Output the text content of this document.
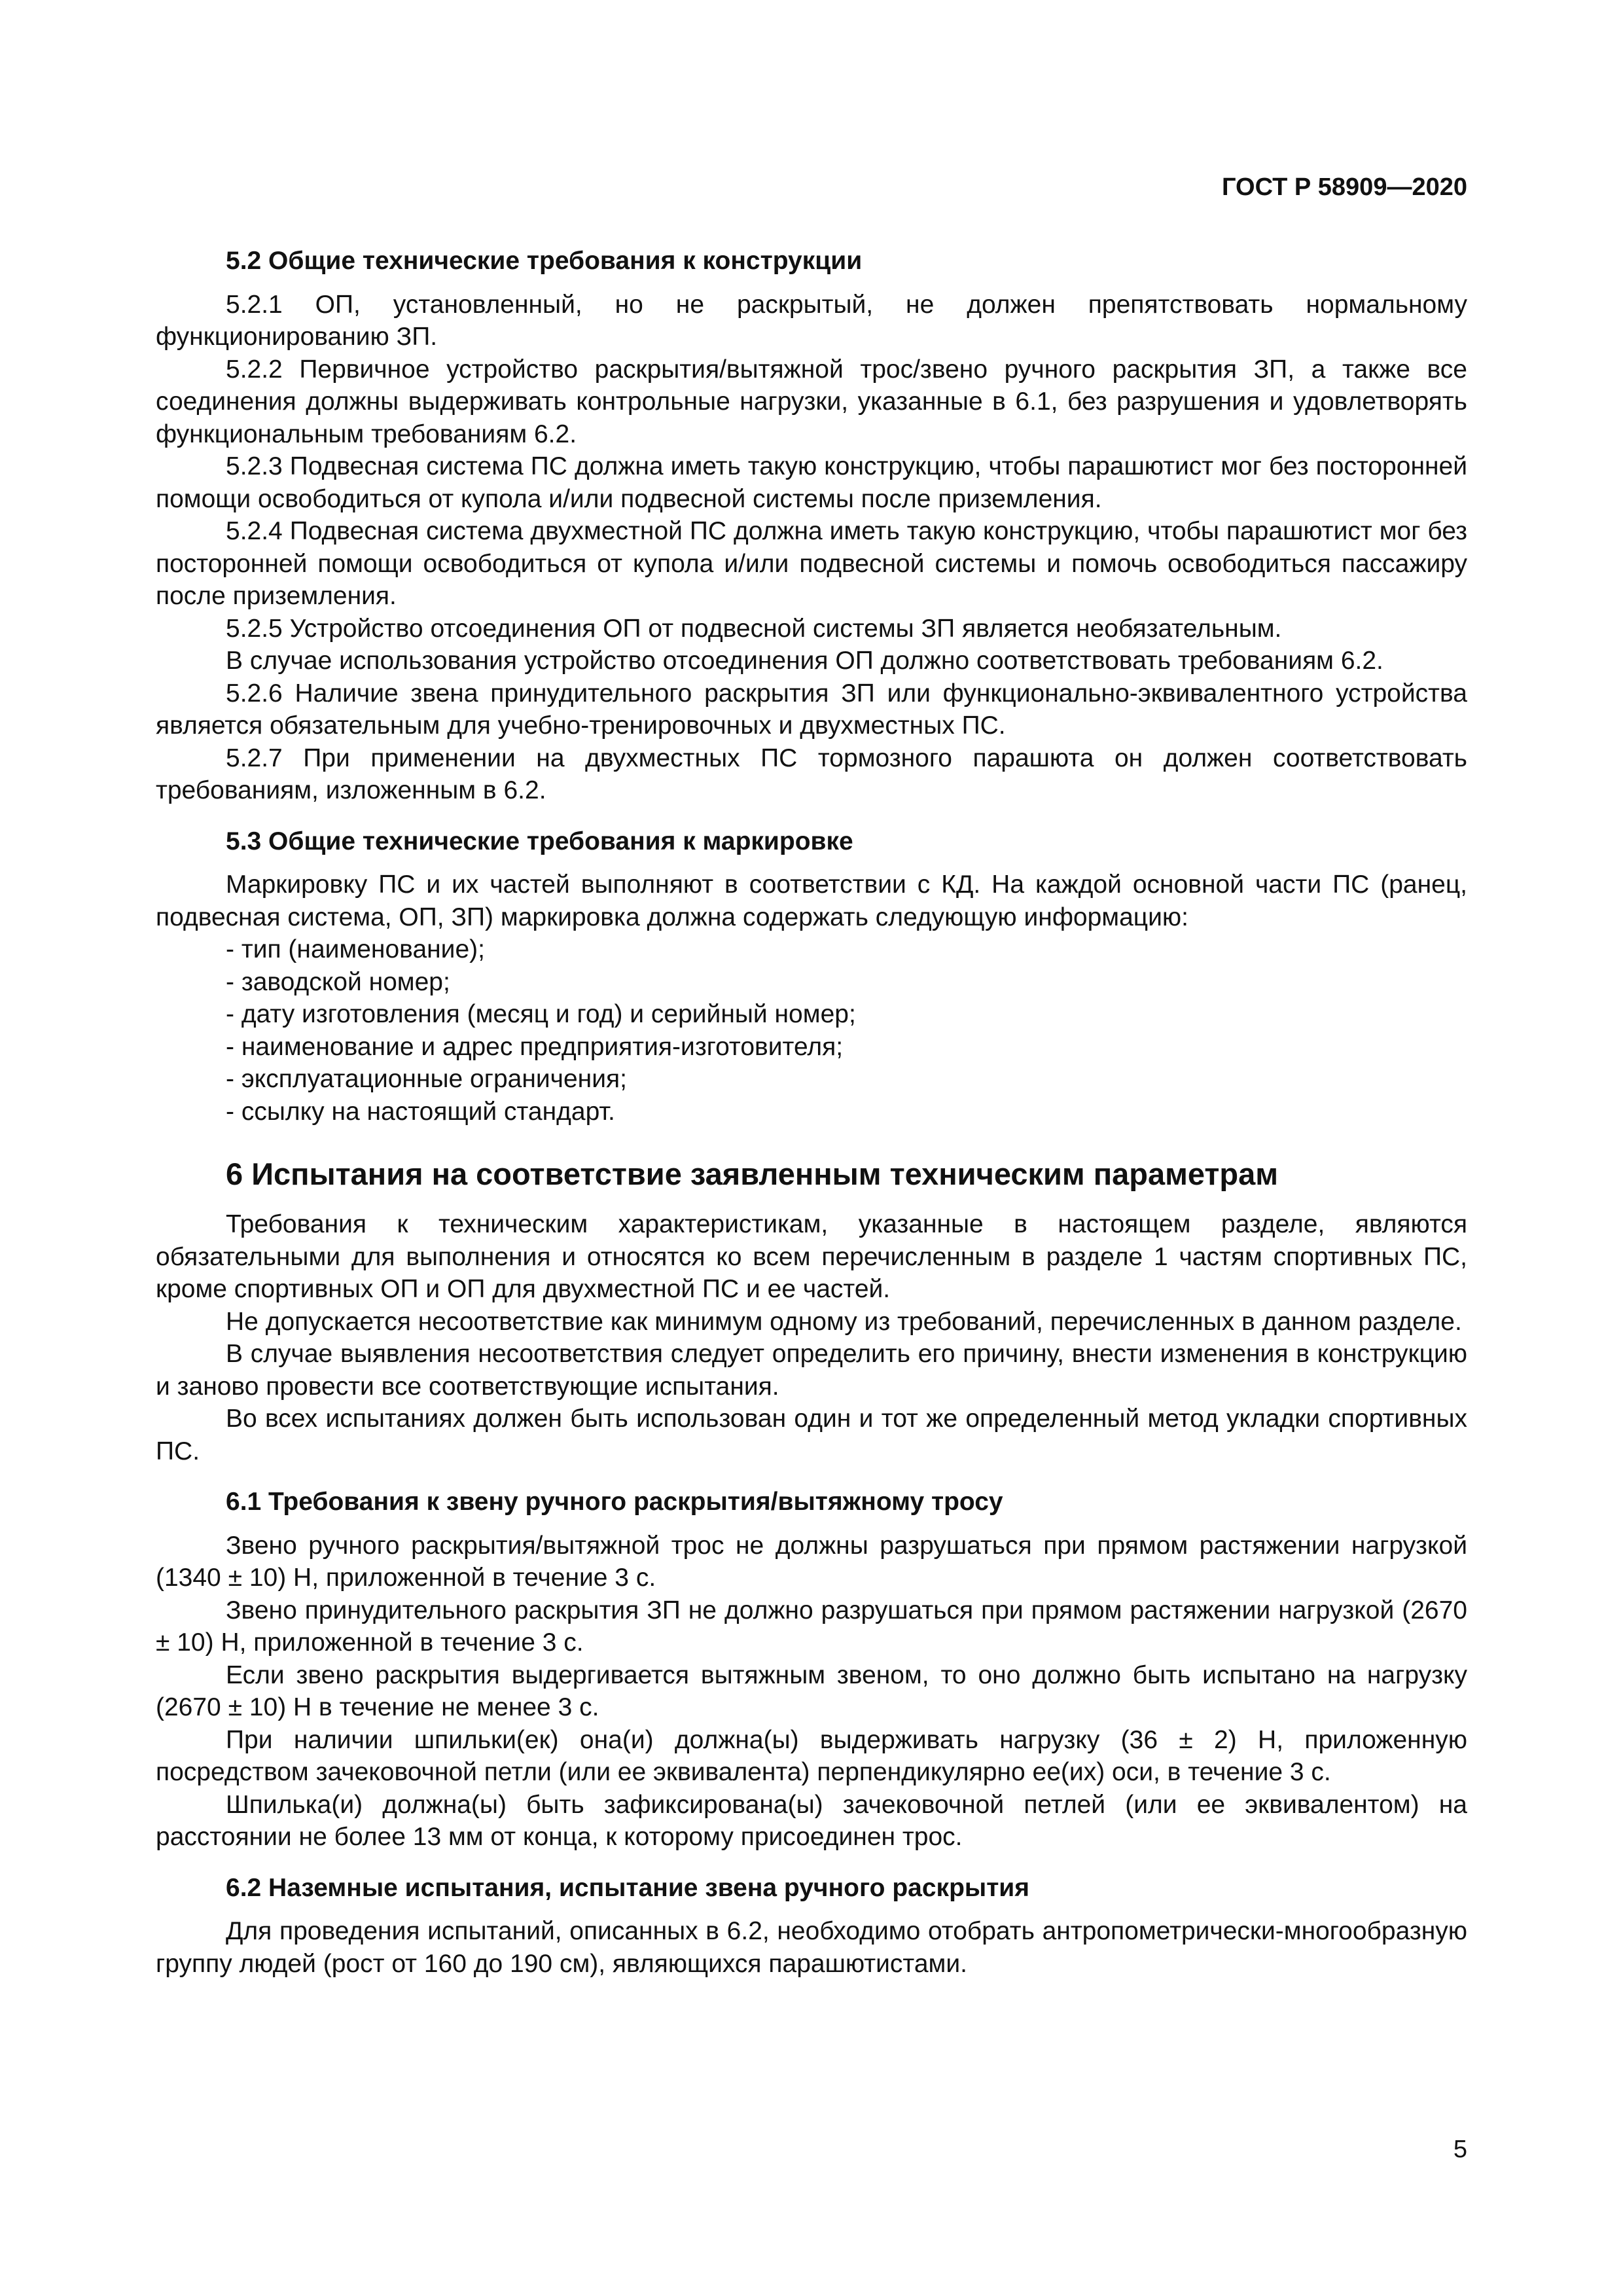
ГОСТ Р 58909—2020

5.2 Общие технические требования к конструкции

5.2.1 ОП, установленный, но не раскрытый, не должен препятствовать нормальному функционированию ЗП.

5.2.2 Первичное устройство раскрытия/вытяжной трос/звено ручного раскрытия ЗП, а также все соединения должны выдерживать контрольные нагрузки, указанные в 6.1, без разрушения и удовлетворять функциональным требованиям 6.2.

5.2.3 Подвесная система ПС должна иметь такую конструкцию, чтобы парашютист мог без посторонней помощи освободиться от купола и/или подвесной системы после приземления.

5.2.4 Подвесная система двухместной ПС должна иметь такую конструкцию, чтобы парашютист мог без посторонней помощи освободиться от купола и/или подвесной системы и помочь освободиться пассажиру после приземления.

5.2.5 Устройство отсоединения ОП от подвесной системы ЗП является необязательным.

В случае использования устройство отсоединения ОП должно соответствовать требованиям 6.2.

5.2.6 Наличие звена принудительного раскрытия ЗП или функционально-эквивалентного устройства является обязательным для учебно-тренировочных и двухместных ПС.

5.2.7 При применении на двухместных ПС тормозного парашюта он должен соответствовать требованиям, изложенным в 6.2.

5.3 Общие технические требования к маркировке

Маркировку ПС и их частей выполняют в соответствии с КД. На каждой основной части ПС (ранец, подвесная система, ОП, ЗП) маркировка должна содержать следующую информацию:

- тип (наименование);
- заводской номер;
- дату изготовления (месяц и год) и серийный номер;
- наименование и адрес предприятия-изготовителя;
- эксплуатационные ограничения;
- ссылку на настоящий стандарт.

6 Испытания на соответствие заявленным техническим параметрам

Требования к техническим характеристикам, указанные в настоящем разделе, являются обязательными для выполнения и относятся ко всем перечисленным в разделе 1 частям спортивных ПС, кроме спортивных ОП и ОП для двухместной ПС и ее частей.

Не допускается несоответствие как минимум одному из требований, перечисленных в данном разделе.

В случае выявления несоответствия следует определить его причину, внести изменения в конструкцию и заново провести все соответствующие испытания.

Во всех испытаниях должен быть использован один и тот же определенный метод укладки спортивных ПС.

6.1 Требования к звену ручного раскрытия/вытяжному тросу

Звено ручного раскрытия/вытяжной трос не должны разрушаться при прямом растяжении нагрузкой (1340 ± 10) Н, приложенной в течение 3 с.

Звено принудительного раскрытия ЗП не должно разрушаться при прямом растяжении нагрузкой (2670 ± 10) Н, приложенной в течение 3 с.

Если звено раскрытия выдергивается вытяжным звеном, то оно должно быть испытано на нагрузку (2670 ± 10) Н в течение не менее 3 с.

При наличии шпильки(ек) она(и) должна(ы) выдерживать нагрузку (36 ± 2) Н, приложенную посредством зачековочной петли (или ее эквивалента) перпендикулярно ее(их) оси, в течение 3 с.

Шпилька(и) должна(ы) быть зафиксирована(ы) зачековочной петлей (или ее эквивалентом) на расстоянии не более 13 мм от конца, к которому присоединен трос.

6.2 Наземные испытания, испытание звена ручного раскрытия

Для проведения испытаний, описанных в 6.2, необходимо отобрать антропометрически-многообразную группу людей (рост от 160 до 190 см), являющихся парашютистами.

5
